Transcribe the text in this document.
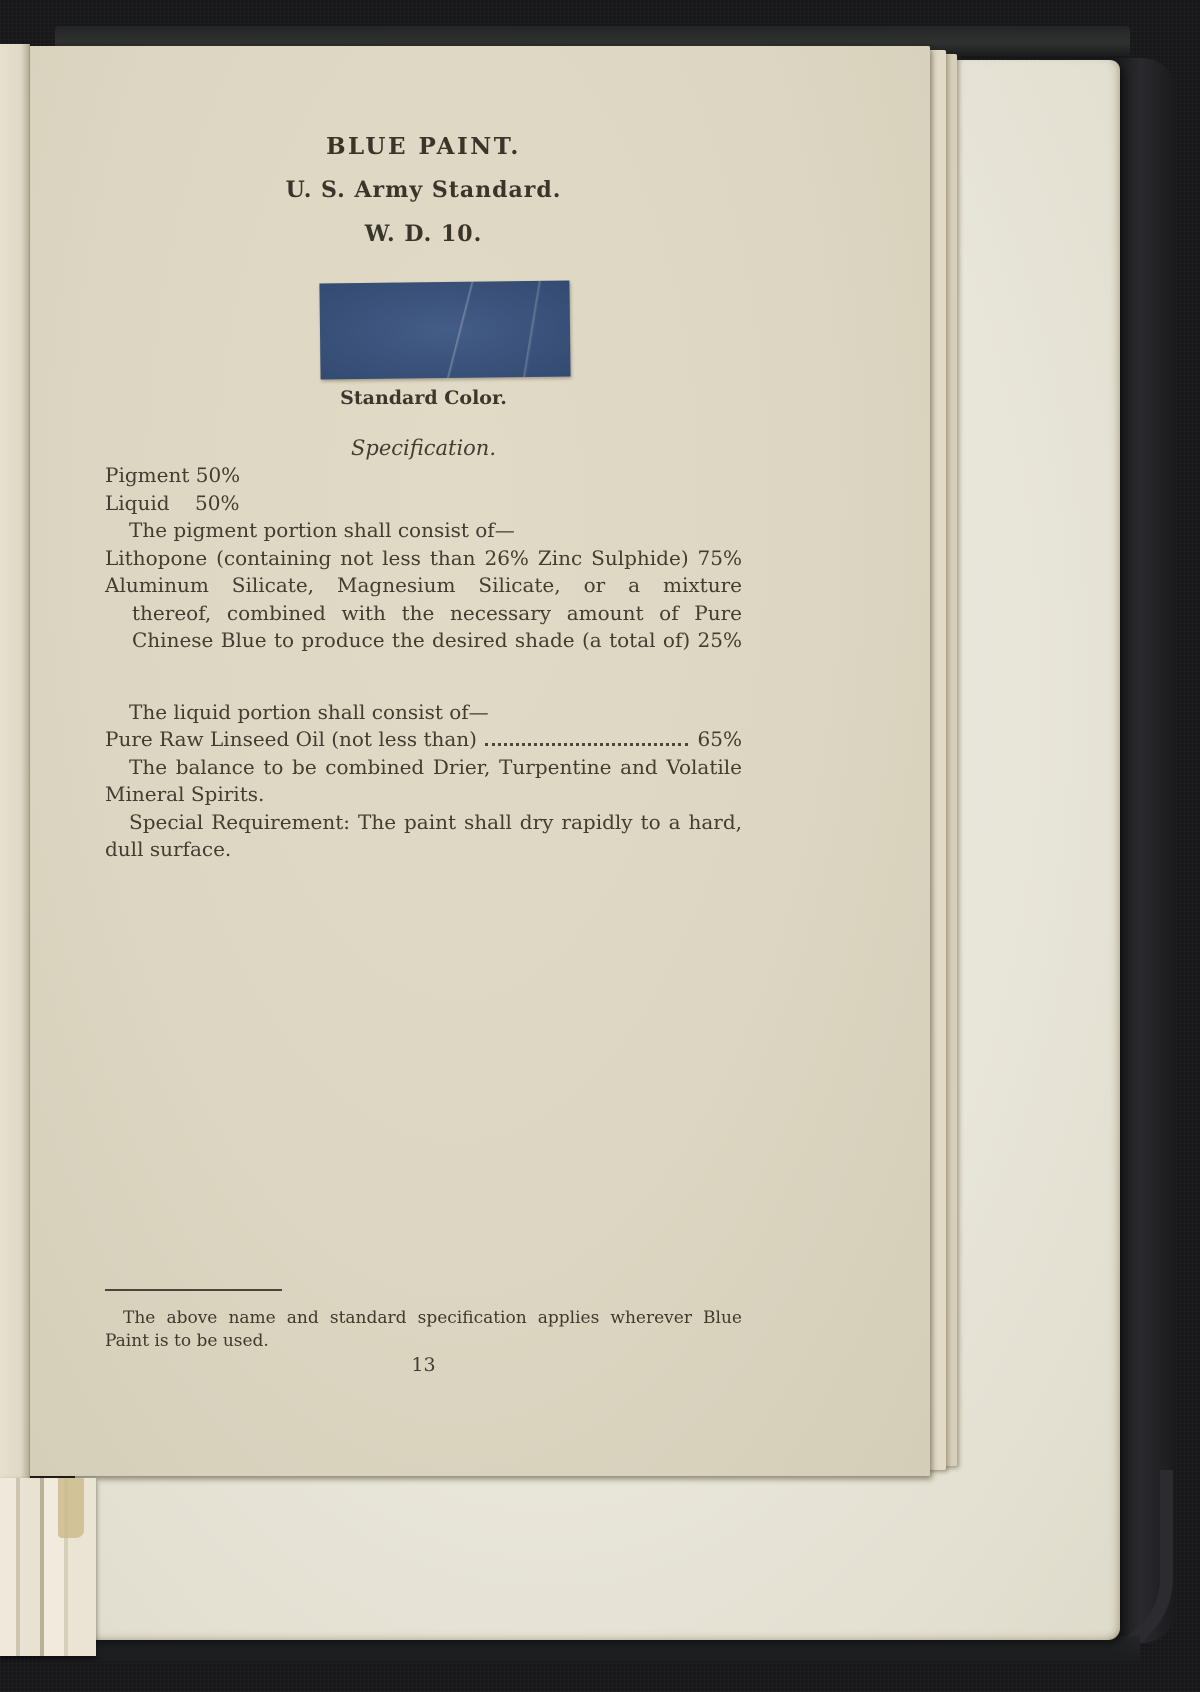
BLUE PAINT.
U. S. Army Standard.
W. D. 10.
Standard Color.
Specification.
Pigment 50%
Liquid    50%
The pigment portion shall consist of—
Lithopone (containing not less than 26% Zinc Sulphide) 75%
Aluminum Silicate, Magnesium Silicate, or a mixture
thereof, combined with the necessary amount of Pure
Chinese Blue to produce the desired shade (a total of) 25%
The liquid portion shall consist of—
Pure Raw Linseed Oil (not less than)	65%
The balance to be combined Drier, Turpentine and Volatile
Mineral Spirits.
Special Requirement: The paint shall dry rapidly to a hard,
dull surface.
The above name and standard specification applies wherever Blue
Paint is to be used.
13
